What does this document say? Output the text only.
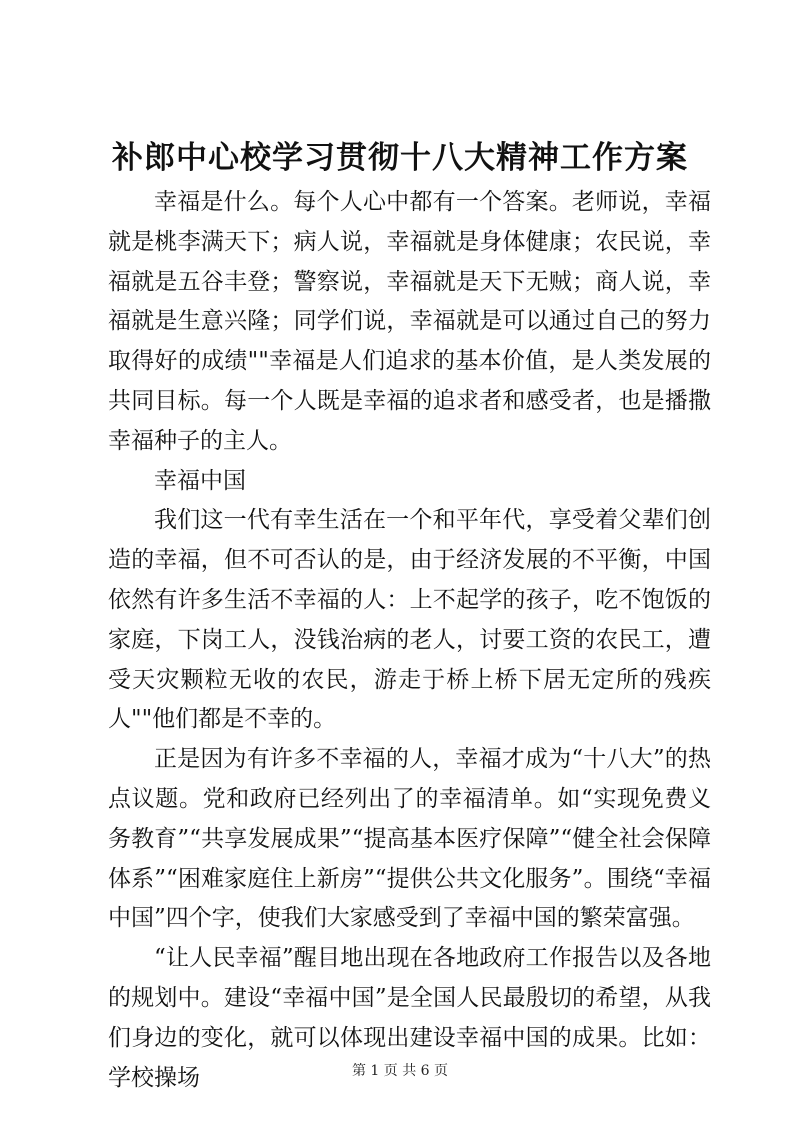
补郎中心校学习贯彻十八大精神工作方案

幸福是什么。每个人心中都有一个答案。老师说，幸福就是桃李满天下；病人说，幸福就是身体健康；农民说，幸福就是五谷丰登；警察说，幸福就是天下无贼；商人说，幸福就是生意兴隆；同学们说，幸福就是可以通过自己的努力取得好的成绩""幸福是人们追求的基本价值，是人类发展的共同目标。每一个人既是幸福的追求者和感受者，也是播撒幸福种子的主人。

幸福中国

我们这一代有幸生活在一个和平年代，享受着父辈们创造的幸福，但不可否认的是，由于经济发展的不平衡，中国依然有许多生活不幸福的人：上不起学的孩子，吃不饱饭的家庭，下岗工人，没钱治病的老人，讨要工资的农民工，遭受天灾颗粒无收的农民，游走于桥上桥下居无定所的残疾人""他们都是不幸的。

正是因为有许多不幸福的人，幸福才成为“十八大”的热点议题。党和政府已经列出了的幸福清单。如“实现免费义务教育”“共享发展成果”“提高基本医疗保障”“健全社会保障体系”“困难家庭住上新房”“提供公共文化服务”。围绕“幸福中国”四个字，使我们大家感受到了幸福中国的繁荣富强。

“让人民幸福”醒目地出现在各地政府工作报告以及各地的规划中。建设“幸福中国”是全国人民最殷切的希望，从我们身边的变化，就可以体现出建设幸福中国的成果。比如：学校操场	第 1 页 共 6 页
